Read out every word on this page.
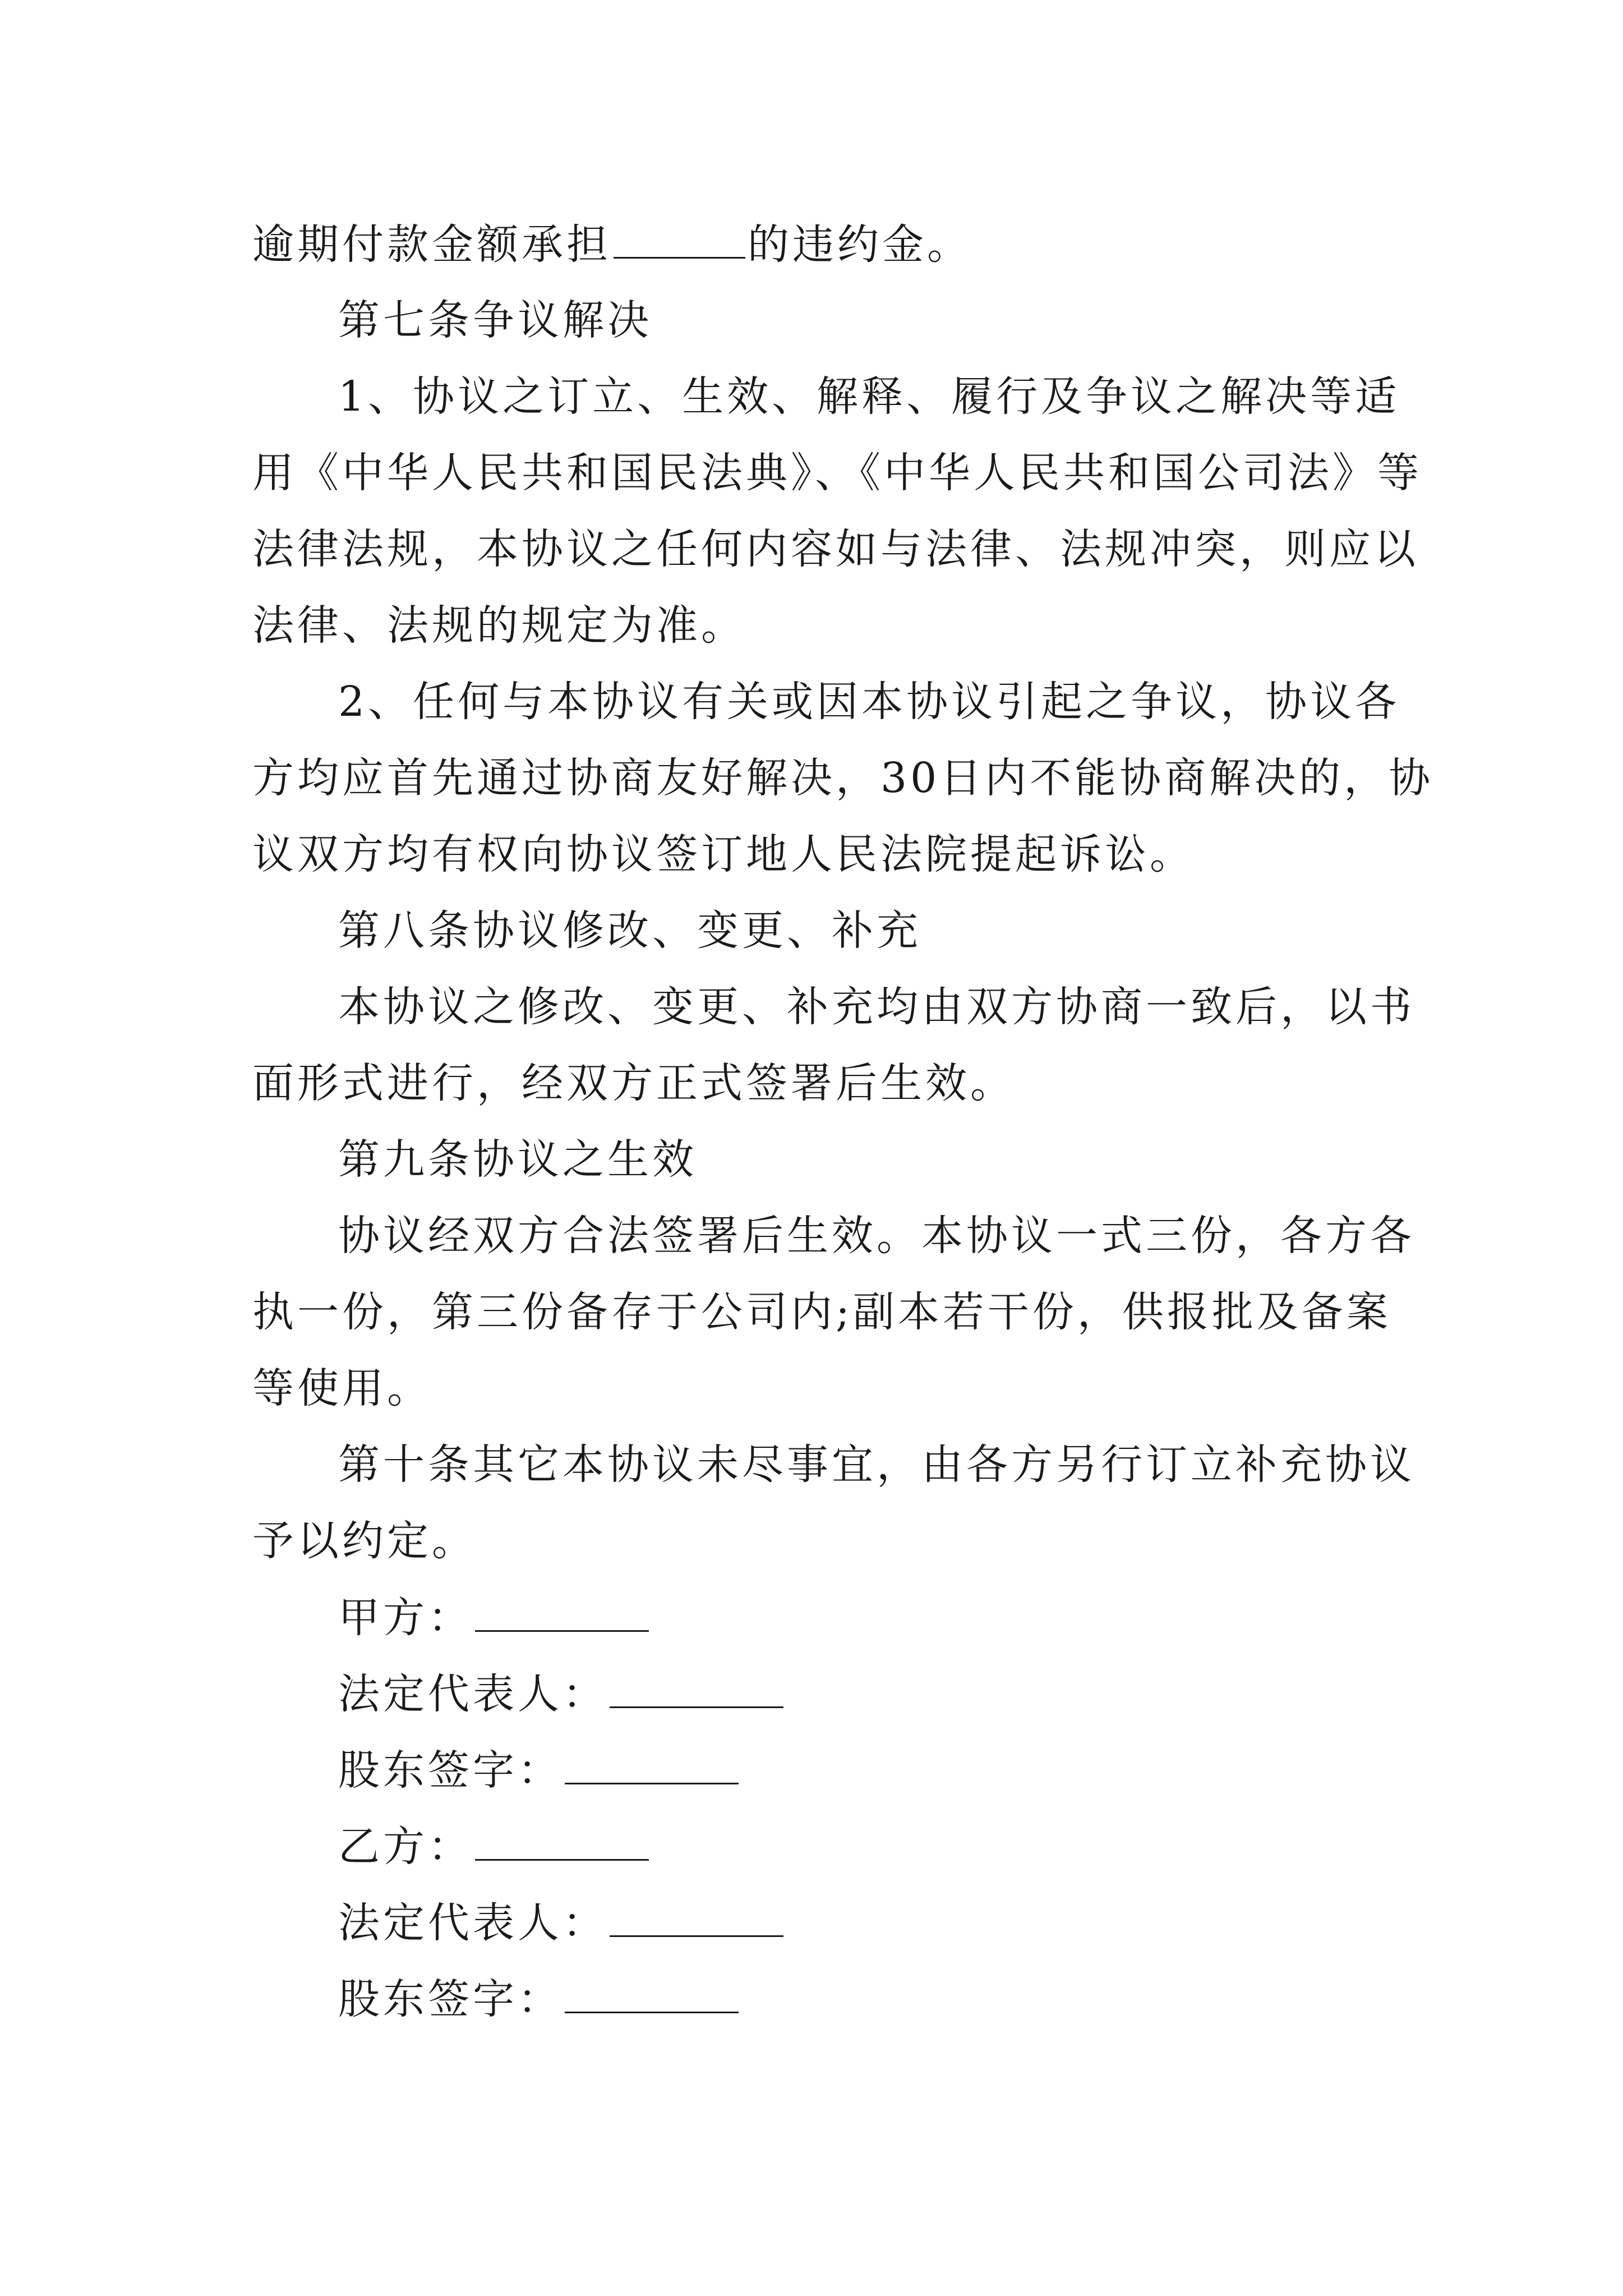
逾期付款金额承担	的违约金。
第七条争议解决
1、协议之订立、生效、解释、履行及争议之解决等适
用《中华人民共和国民法典》、《中华人民共和国公司法》等
法律法规，本协议之任何内容如与法律、法规冲突，则应以
法律、法规的规定为准。
2、任何与本协议有关或因本协议引起之争议，协议各
方均应首先通过协商友好解决，30日内不能协商解决的，协
议双方均有权向协议签订地人民法院提起诉讼。
第八条协议修改、变更、补充
本协议之修改、变更、补充均由双方协商一致后，以书
面形式进行，经双方正式签署后生效。
第九条协议之生效
协议经双方合法签署后生效。本协议一式三份，各方各
执一份，第三份备存于公司内;副本若干份，供报批及备案
等使用。
第十条其它本协议未尽事宜，由各方另行订立补充协议
予以约定。
甲方：
法定代表人：
股东签字：
乙方：
法定代表人：
股东签字：
